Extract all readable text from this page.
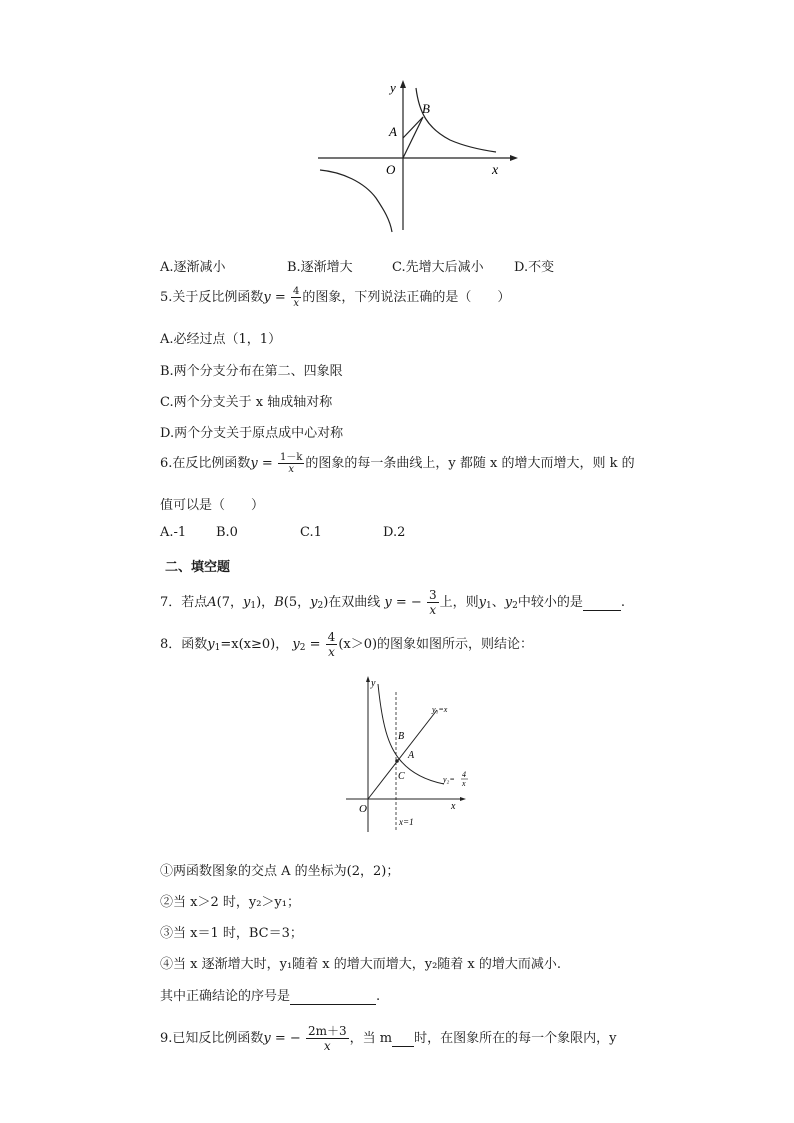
y
x
O
A
B
A.逐渐减小	B.逐渐增大	C.先增大后减小 D.不变
5.关于反比例函数$y = \frac{4}{x}$ 的图象，下列说法正确的是（　　）
A.必经过点（1，1）
B.两个分支分布在第二、四象限
C.两个分支关于 x 轴成轴对称
D.两个分支关于原点成中心对称
6.在反比例函数$y = \frac{1-k}{x}$ 的图象的每一条曲线上，y 都随 x 的增大而增大，则 k 的
值可以是（　　）
A.-1 B.0	C.1	D.2
二、填空题
7．若点A(7，$y_1$)，B(5，$y_2$)在双曲线 y = − $\frac{3}{x}$ 上，则$y_1$、$y_2$中较小的是	.
8．函数$y_1=x(x\ge 0)$， $y_2 = \frac{4}{x} (x>0)$的图象如图所示，则结论：
y
x
O
B
A
C
y₁=x
y₂=
4
x
x=1
①两函数图象的交点 A 的坐标为(2，2)；
②当 x＞2 时，y₂＞y₁；
③当 x＝1 时，BC＝3；
④当 x 逐渐增大时，y₁随着 x 的增大而增大，y₂随着 x 的增大而减小.
其中正确结论的序号是	.
9.已知反比例函数y = − $\frac{2m+3}{x}$ ，当 m 时，在图象所在的每一个象限内，y
